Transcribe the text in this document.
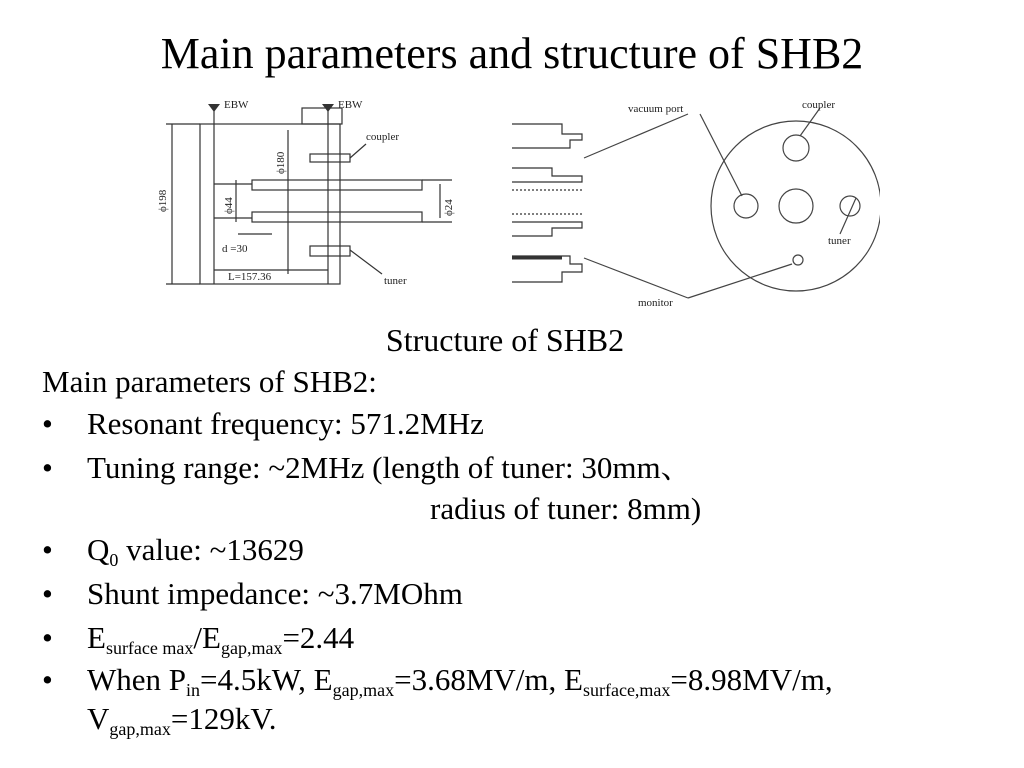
Main parameters and structure of SHB2
EBW	EBW
coupler
tuner
ϕ198
ϕ180
ϕ44	ϕ24
d =30
L=157.36
vacuum port	coupler
tuner
monitor
Structure of SHB2
Main parameters of SHB2:
• Resonant frequency: 571.2MHz
• Tuning range: ~2MHz (length of tuner: 30mm、
radius of tuner: 8mm)
• $Q_0$ value: ~13629
• Shunt impedance: ~3.7MOhm
• $E_{surface max}/E_{gap,max}=2.44$
• When $P_{in}=4.5kW$, $E_{gap,max}=3.68MV/m$, $E_{surface,max}=8.98MV/m$,
$V_{gap,max}=129kV$.
